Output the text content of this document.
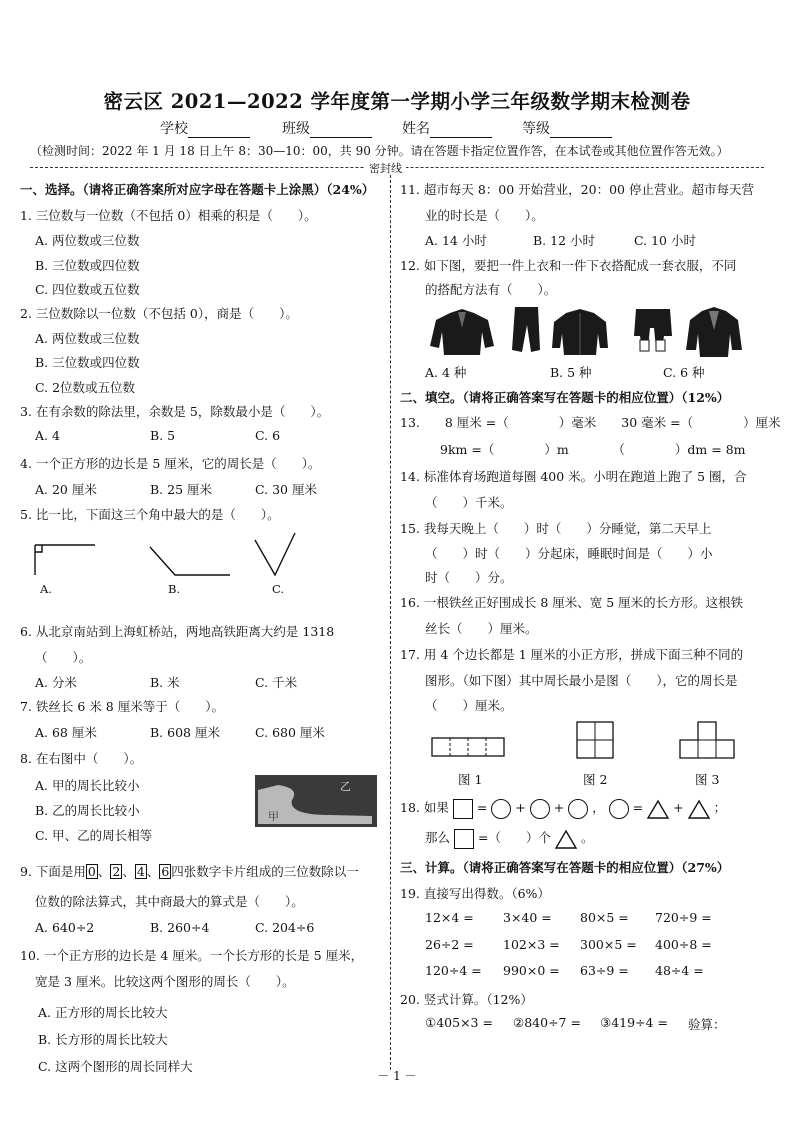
密云区 2021—2022 学年度第一学期小学三年级数学期末检测卷
学校	班级	姓名	等级
（检测时间：2022 年 1 月 18 日上午 8：30—10：00，共 90 分钟。请在答题卡指定位置作答，在本试卷或其他位置作答无效。）
密封线
一、选择。（请将正确答案所对应字母在答题卡上涂黑）（24%）
1. 三位数与一位数（不包括 0）相乘的积是（　　）。
A. 两位数或三位数
B. 三位数或四位数
C. 四位数或五位数
2. 三位数除以一位数（不包括 0），商是（　　）。
A. 两位数或三位数
B. 三位数或四位数
C. 2位数或五位数
3. 在有余数的除法里，余数是 5，除数最小是（　　）。
A. 4	B. 5	C. 6
4. 一个正方形的边长是 5 厘米，它的周长是（　　）。
A. 20 厘米	B. 25 厘米	C. 30 厘米
5. 比一比，下面这三个角中最大的是（　　）。
A.	B.	C.
6. 从北京南站到上海虹桥站，两地高铁距离大约是 1318
（　　）。
A. 分米	B. 米	C. 千米
7. 铁丝长 6 米 8 厘米等于（　　）。
A. 68 厘米	B. 608 厘米	C. 680 厘米
8. 在右图中（　　）。
A. 甲的周长比较小
B. 乙的周长比较小
C. 甲、乙的周长相等
乙
甲
9. 下面是用 0 、 2 、 4 、 6 四张数字卡片组成的三位数除以一
位数的除法算式，其中商最大的算式是（　　）。
A. 640÷2	B. 260÷4	C. 204÷6
10. 一个正方形的边长是 4 厘米。一个长方形的长是 5 厘米，
宽是 3 厘米。比较这两个图形的周长（　　）。
A. 正方形的周长比较大
B. 长方形的周长比较大
C. 这两个图形的周长同样大
11. 超市每天 8：00 开始营业，20：00 停止营业。超市每天营
业的时长是（　　）。
A. 14 小时	B. 12 小时	C. 10 小时
12. 如下图，要把一件上衣和一件下衣搭配成一套衣服，不同
的搭配方法有（　　）。
A. 4 种	B. 5 种	C. 6 种
二、填空。（请将正确答案写在答题卡的相应位置）（12%）
13.　　8 厘米 =（　　　　）毫米　　30 毫米 =（　　　　）厘米
9km =（　　　　）m　　　　（　　　　）dm = 8m
14. 标准体育场跑道每圈 400 米。小明在跑道上跑了 5 圈，合
（　　）千米。
15. 我每天晚上（　　）时（　　）分睡觉，第二天早上
（　　）时（　　）分起床，睡眠时间是（　　）小
时（　　）分。
16. 一根铁丝正好围成长 8 厘米、宽 5 厘米的长方形。这根铁
丝长（　　）厘米。
17. 用 4 个边长都是 1 厘米的小正方形，拼成下面三种不同的
图形。（如下图）其中周长最小是图（　　），它的周长是
（　　）厘米。
图 1	图 2	图 3
18. 如果 = + + ， = + ；
那么 =（　　）个 。
三、计算。（请将正确答案写在答题卡的相应位置）（27%）
19. 直接写出得数。（6%）
12×4 = 3×40 = 80×5 = 720÷9 =
26÷2 = 102×3 = 300×5 = 400÷8 =
120÷4 = 990×0 = 63÷9 = 48÷4 =
20. 竖式计算。（12%）
①405×3 = ②840÷7 = ③419÷4 = 验算：
－ 1 －
